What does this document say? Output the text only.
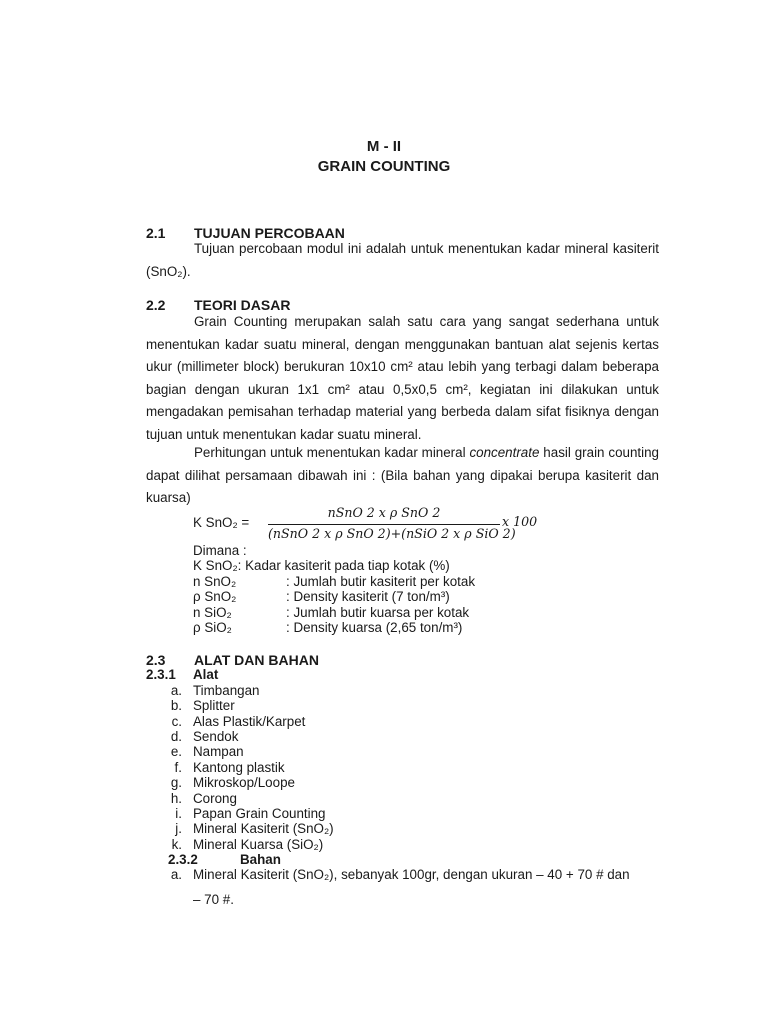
M - II
GRAIN COUNTING
2.1 TUJUAN PERCOBAAN
Tujuan percobaan modul ini adalah untuk menentukan kadar mineral kasiterit (SnO₂).
2.2 TEORI DASAR
Grain Counting merupakan salah satu cara yang sangat sederhana untuk menentukan kadar suatu mineral, dengan menggunakan bantuan alat sejenis kertas ukur (millimeter block) berukuran 10x10 cm² atau lebih yang terbagi dalam beberapa bagian dengan ukuran 1x1 cm² atau 0,5x0,5 cm², kegiatan ini dilakukan untuk mengadakan pemisahan terhadap material yang berbeda dalam sifat fisiknya dengan tujuan untuk menentukan kadar suatu mineral.
Perhitungan untuk menentukan kadar mineral concentrate hasil grain counting dapat dilihat persamaan dibawah ini : (Bila bahan yang dipakai berupa kasiterit dan kuarsa)
K SnO₂ =
nSnO 2 x ρ SnO 2
(nSnO 2 x ρ SnO 2)+(nSiO 2 x ρ SiO 2)
x 100
Dimana :
K SnO₂: Kadar kasiterit pada tiap kotak (%)
n SnO₂	: Jumlah butir kasiterit per kotak
ρ SnO₂	: Density kasiterit (7 ton/m³)
n SiO₂	: Jumlah butir kuarsa per kotak
ρ SiO₂	: Density kuarsa (2,65 ton/m³)
2.3 ALAT DAN BAHAN
2.3.1 Alat
a. Timbangan
b. Splitter
c. Alas Plastik/Karpet
d. Sendok
e. Nampan
f. Kantong plastik
g. Mikroskop/Loope
h. Corong
i. Papan Grain Counting
j. Mineral Kasiterit (SnO₂)
k. Mineral Kuarsa (SiO₂)
2.3.2	Bahan
a. Mineral Kasiterit (SnO₂), sebanyak 100gr, dengan ukuran – 40 + 70 # dan
– 70 #.
